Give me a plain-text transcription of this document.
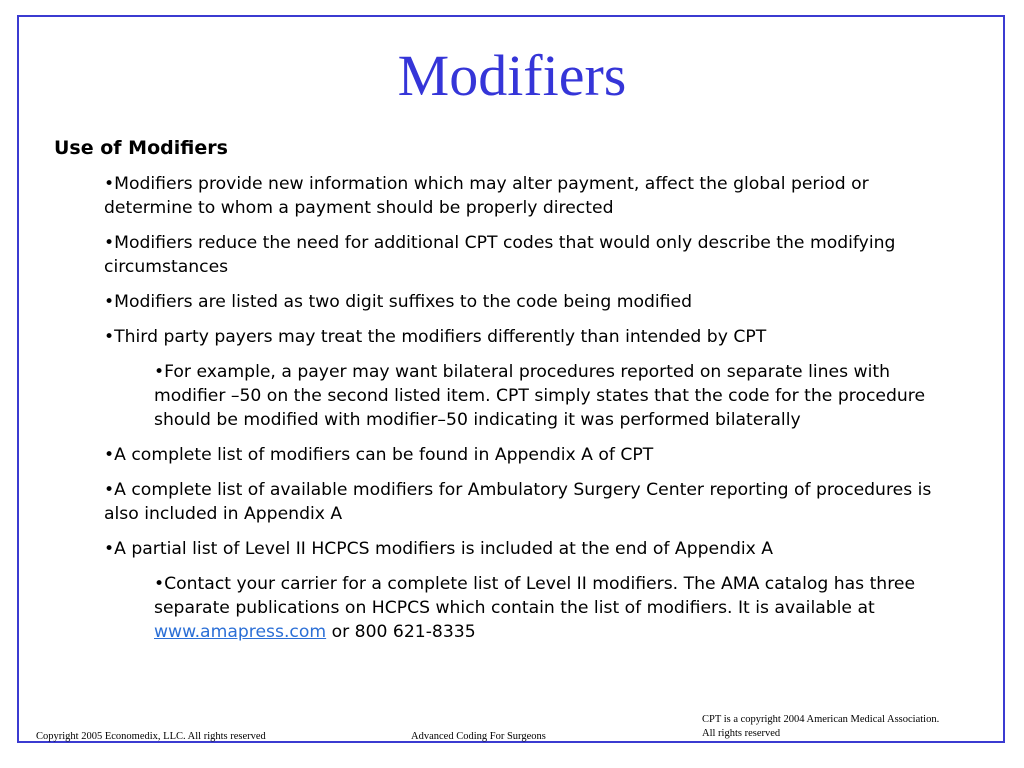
Modifiers
Use of Modifiers
•Modifiers provide new information which may alter payment, affect the global period or determine to whom a payment should be properly directed
•Modifiers reduce the need for additional CPT codes that would only describe the modifying circumstances
•Modifiers are listed as two digit suffixes to the code being modified
•Third party payers may treat the modifiers differently than intended by CPT
•For example, a payer may want bilateral procedures reported on separate lines with modifier –50 on the second listed item. CPT simply states that the code for the procedure should be modified with modifier–50 indicating it was performed bilaterally
•A complete list of modifiers can be found in Appendix A of CPT
•A complete list of available modifiers for Ambulatory Surgery Center reporting of procedures is also included in Appendix A
•A partial list of Level II HCPCS modifiers is included at the end of Appendix A
•Contact your carrier for a complete list of Level II modifiers. The AMA catalog has three separate publications on HCPCS which contain the list of modifiers. It is available at www.amapress.com or 800 621-8335
Copyright 2005 Economedix, LLC. All rights reserved	Advanced Coding For Surgeons
CPT is a copyright 2004 American Medical Association.
All rights reserved
